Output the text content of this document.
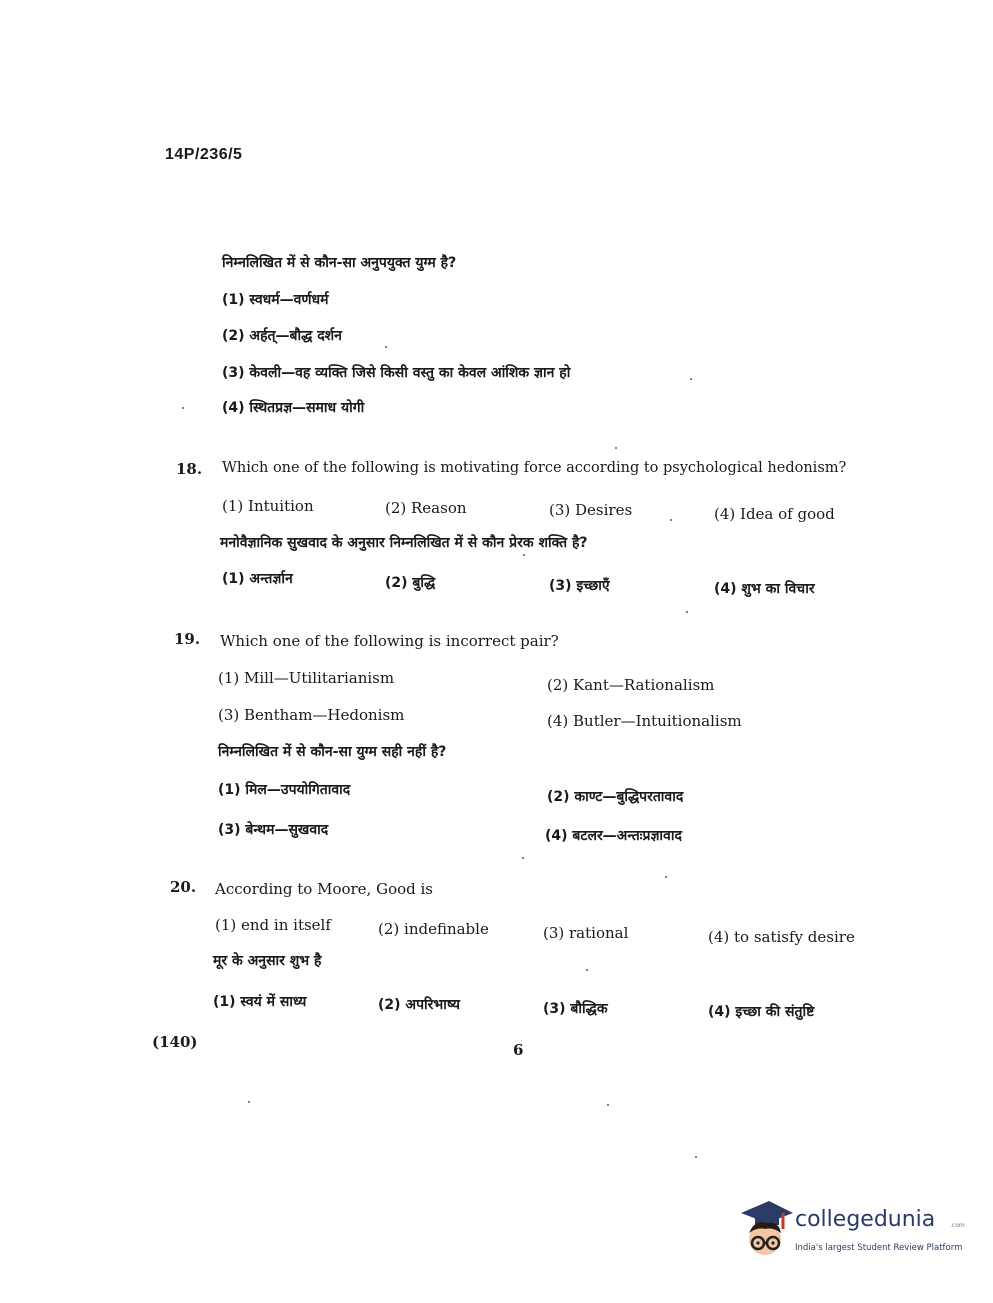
14P/236/5
निम्नलिखित में से कौन-सा अनुपयुक्त युग्म है?
(1) स्वधर्म—वर्णधर्म
(2) अर्हत्—बौद्ध दर्शन
(3) केवली—वह व्यक्ति जिसे किसी वस्तु का केवल आंशिक ज्ञान हो
(4) स्थितप्रज्ञ—समाध योगी
18. Which one of the following is motivating force according to psychological hedonism?
(1) Intuition	(2) Reason	(3) Desires	(4) Idea of good
मनोवैज्ञानिक सुखवाद के अनुसार निम्नलिखित में से कौन प्रेरक शक्ति है?
(1) अन्तर्ज्ञान	(2) बुद्धि	(3) इच्छाएँ	(4) शुभ का विचार
19. Which one of the following is incorrect pair?
(1) Mill—Utilitarianism	(2) Kant—Rationalism
(3) Bentham—Hedonism	(4) Butler—Intuitionalism
निम्नलिखित में से कौन-सा युग्म सही नहीं है?
(1) मिल—उपयोगितावाद	(2) काण्ट—बुद्धिपरतावाद
(3) बेन्थम—सुखवाद	(4) बटलर—अन्तःप्रज्ञावाद
20. According to Moore, Good is
(1) end in itself	(2) indefinable	(3) rational	(4) to satisfy desire
मूर के अनुसार शुभ है
(1) स्वयं में साध्य	(2) अपरिभाष्य	(3) बौद्धिक	(4) इच्छा की संतुष्टि
(140)	6
collegedunia .com
India's largest Student Review Platform
